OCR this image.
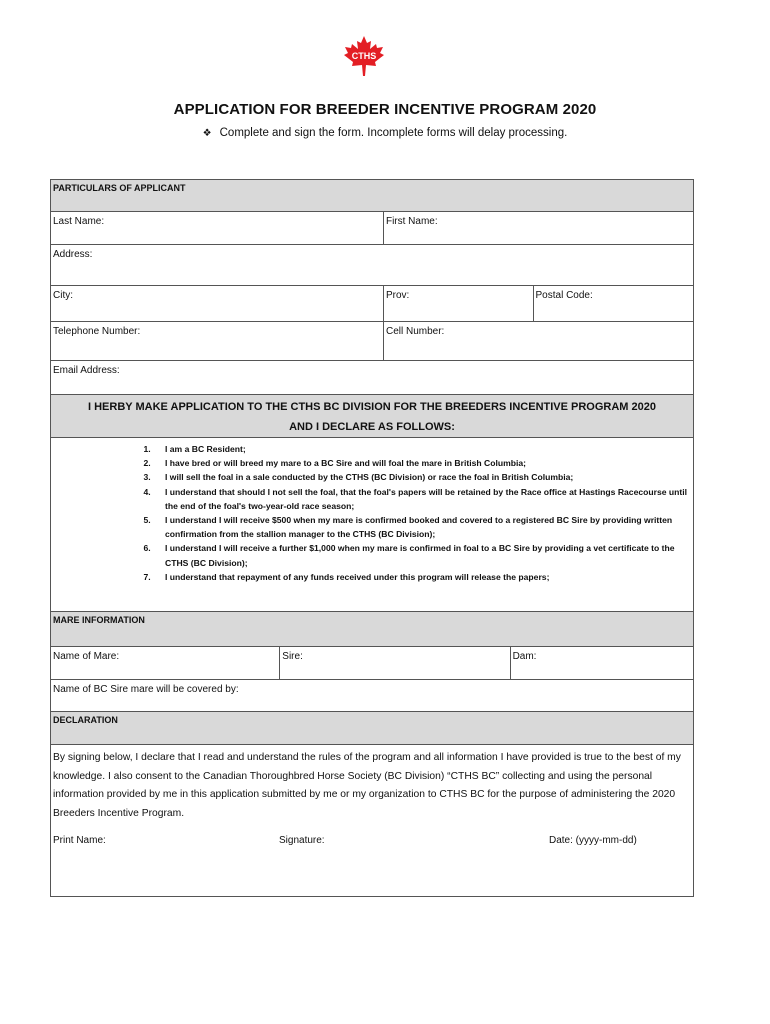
CTHS
APPLICATION FOR BREEDER INCENTIVE PROGRAM 2020
❖ Complete and sign the form. Incomplete forms will delay processing.
PARTICULARS OF APPLICANT
Last Name:	First Name:
Address:
City:	Prov:	Postal Code:
Telephone Number:	Cell Number:
Email Address:
I HERBY MAKE APPLICATION TO THE CTHS BC DIVISION FOR THE BREEDERS INCENTIVE PROGRAM 2020
AND I DECLARE AS FOLLOWS:
1. I am a BC Resident;
2. I have bred or will breed my mare to a BC Sire and will foal the mare in British Columbia;
3. I will sell the foal in a sale conducted by the CTHS (BC Division) or race the foal in British Columbia;
4. I understand that should I not sell the foal, that the foal's papers will be retained by the Race office at Hastings Racecourse until the end of the foal's two-year-old race season;
5. I understand I will receive $500 when my mare is confirmed booked and covered to a registered BC Sire by providing written confirmation from the stallion manager to the CTHS (BC Division);
6. I understand I will receive a further $1,000 when my mare is confirmed in foal to a BC Sire by providing a vet certificate to the CTHS (BC Division);
7. I understand that repayment of any funds received under this program will release the papers;
MARE INFORMATION
Name of Mare:	Sire:	Dam:
Name of BC Sire mare will be covered by:
DECLARATION
By signing below, I declare that I read and understand the rules of the program and all information I have provided is true to the best of my knowledge. I also consent to the Canadian Thoroughbred Horse Society (BC Division) “CTHS BC” collecting and using the personal information provided by me in this application submitted by me or my organization to CTHS BC for the purpose of administering the 2020 Breeders Incentive Program.
Print Name:	Signature:	Date: (yyyy-mm-dd)
